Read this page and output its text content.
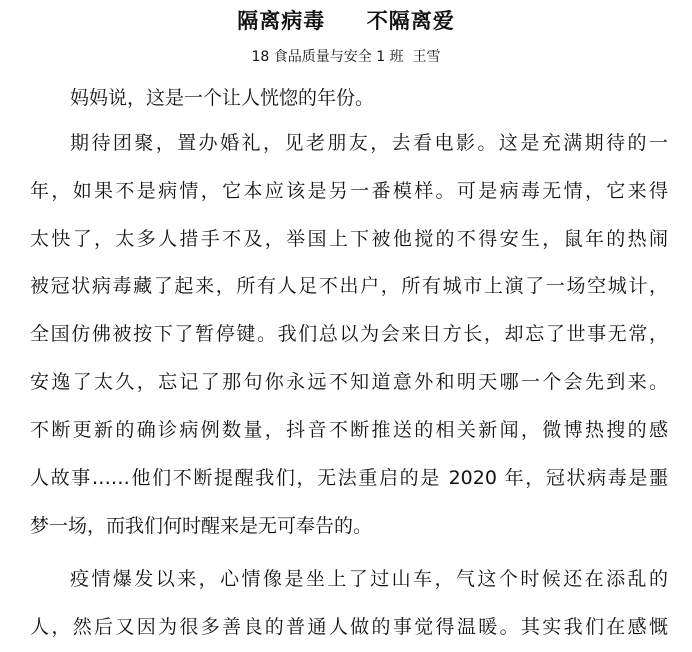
隔离病毒     不隔离爱
18 食品质量与安全 1 班  王雪
妈妈说，这是一个让人恍惚的年份。
期待团聚，置办婚礼，见老朋友，去看电影。这是充满期待的一
年，如果不是病情，它本应该是另一番模样。可是病毒无情，它来得
太快了，太多人措手不及，举国上下被他搅的不得安生，鼠年的热闹
被冠状病毒藏了起来，所有人足不出户，所有城市上演了一场空城计，
全国仿佛被按下了暂停键。我们总以为会来日方长，却忘了世事无常，
安逸了太久，忘记了那句你永远不知道意外和明天哪一个会先到来。
不断更新的确诊病例数量，抖音不断推送的相关新闻，微博热搜的感
人故事……他们不断提醒我们，无法重启的是 2020 年，冠状病毒是噩
梦一场，而我们何时醒来是无可奉告的。
疫情爆发以来，心情像是坐上了过山车，气这个时候还在添乱的
人，然后又因为很多善良的普通人做的事觉得温暖。其实我们在感慨
